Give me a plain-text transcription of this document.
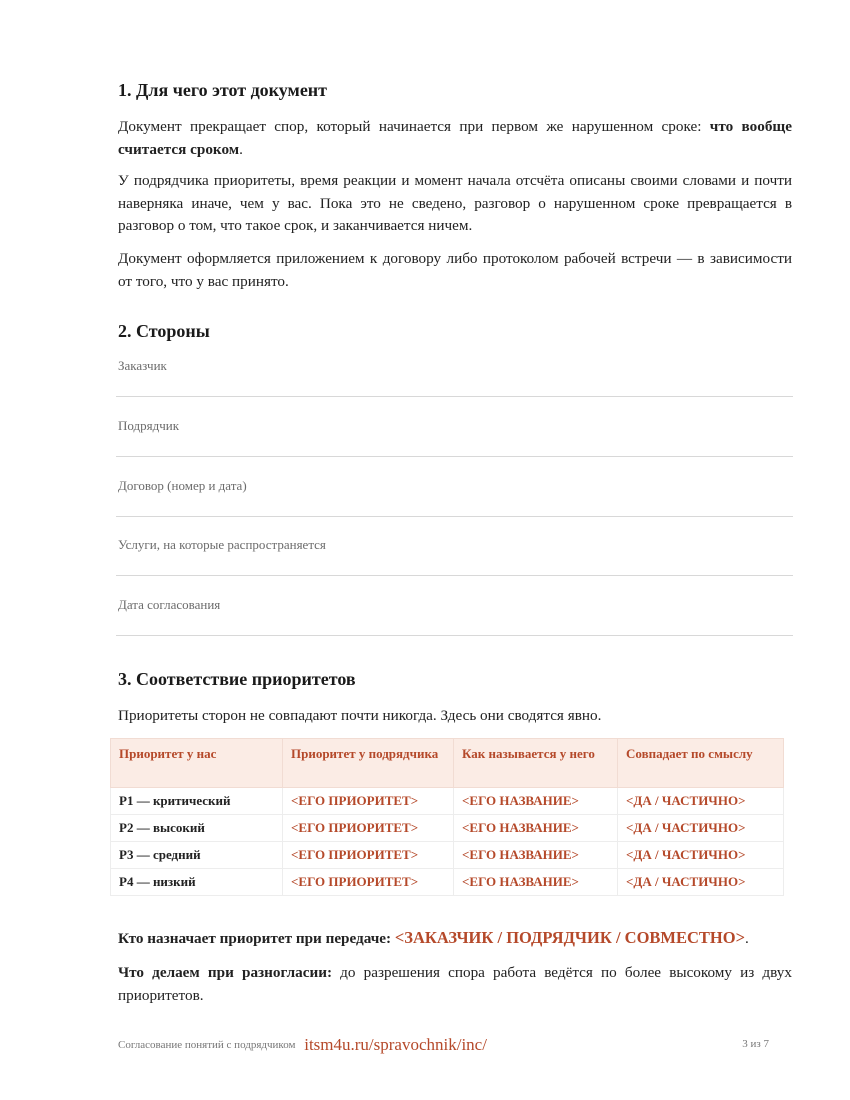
1. Для чего этот документ

Документ прекращает спор, который начинается при первом же нарушенном сроке: что вообще считается сроком.

У подрядчика приоритеты, время реакции и момент начала отсчёта описаны своими словами и почти наверняка иначе, чем у вас. Пока это не сведено, разговор о нарушенном сроке превращается в разговор о том, что такое срок, и заканчивается ничем.

Документ оформляется приложением к договору либо протоколом рабочей встречи — в зависимости от того, что у вас принято.

2. Стороны
Заказчик
Подрядчик
Договор (номер и дата)
Услуги, на которые распространяется
Дата согласования
3. Соответствие приоритетов

Приоритеты сторон не совпадают почти никогда. Здесь они сводятся явно.

Приоритет у нас	Приоритет у подрядчика	Как называется у него	Совпадает по смыслу
P1 — критический	<ЕГО ПРИОРИТЕТ>	<ЕГО НАЗВАНИЕ>	<ДА / ЧАСТИЧНО>
P2 — высокий	<ЕГО ПРИОРИТЕТ>	<ЕГО НАЗВАНИЕ>	<ДА / ЧАСТИЧНО>
P3 — средний	<ЕГО ПРИОРИТЕТ>	<ЕГО НАЗВАНИЕ>	<ДА / ЧАСТИЧНО>
P4 — низкий	<ЕГО ПРИОРИТЕТ>	<ЕГО НАЗВАНИЕ>	<ДА / ЧАСТИЧНО>

Кто назначает приоритет при передаче: <ЗАКАЗЧИК / ПОДРЯДЧИК / СОВМЕСТНО>.

Что делаем при разногласии: до разрешения спора работа ведётся по более высокому из двух приоритетов.

Согласование понятий с подрядчиком itsm4u.ru/spravochnik/inc/	3 из 7
